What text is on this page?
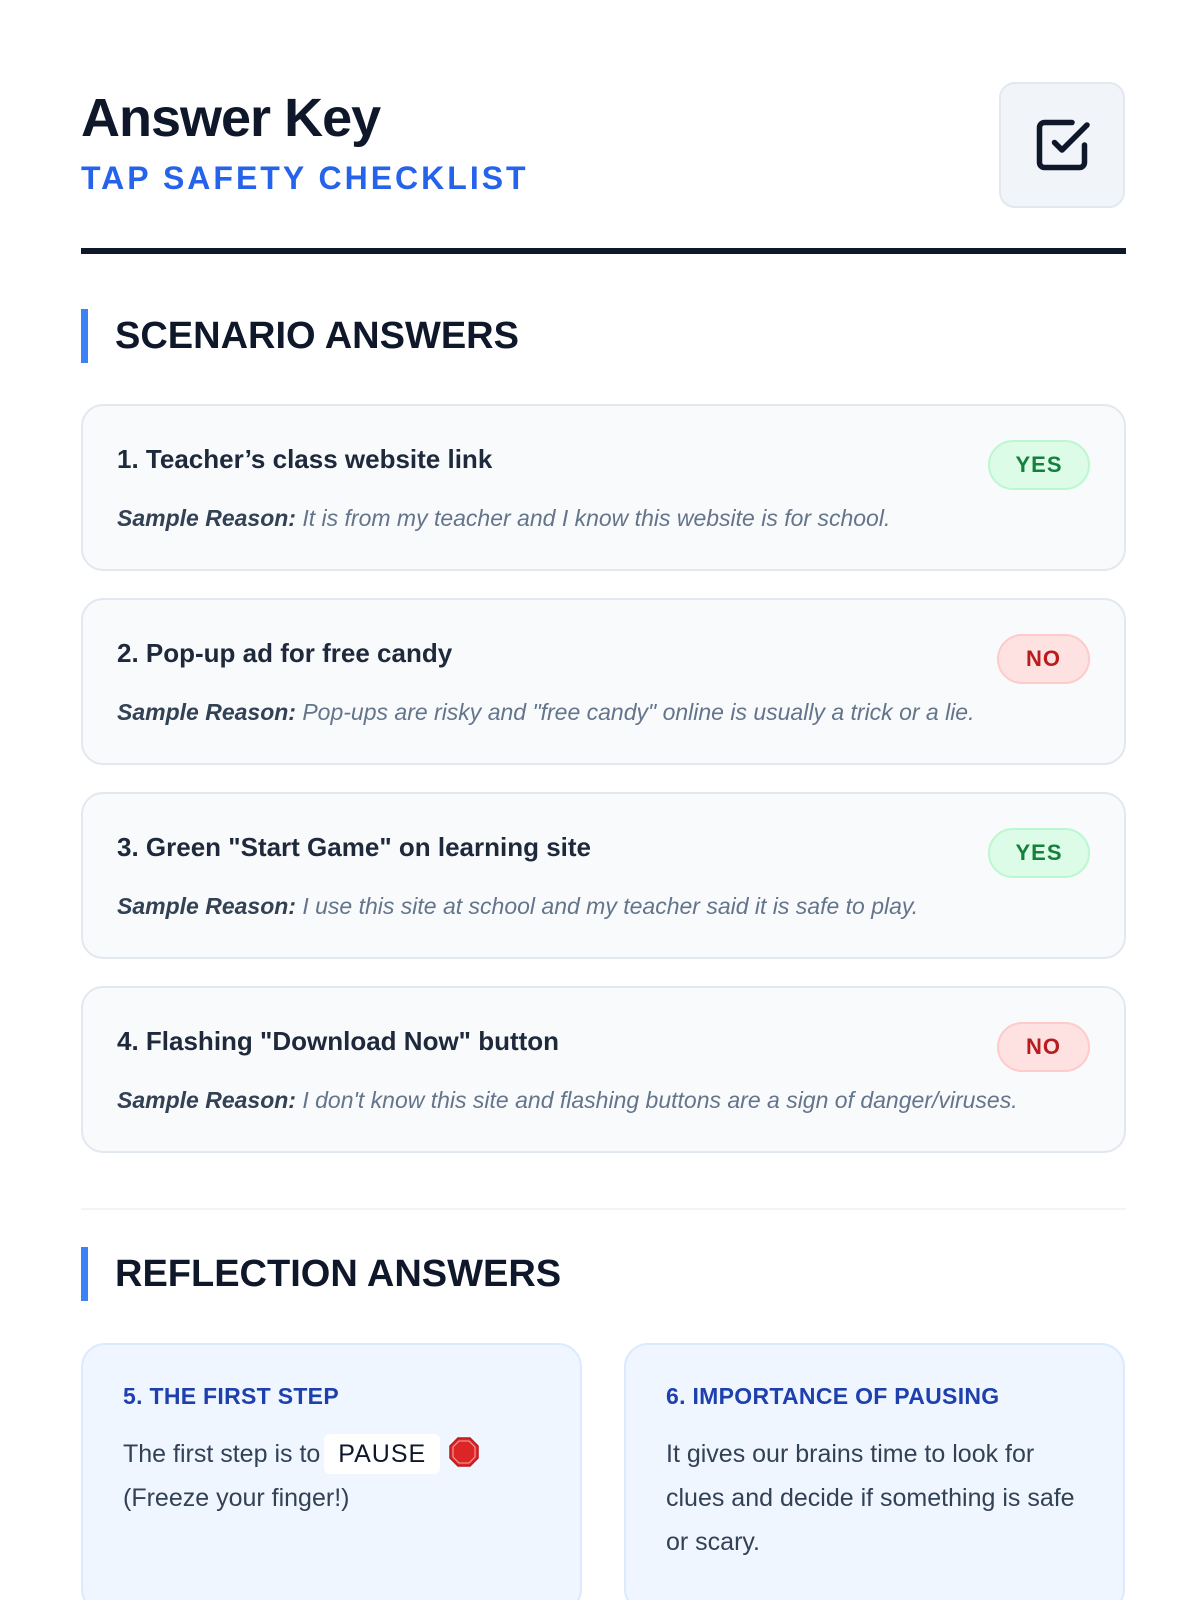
Answer Key
TAP SAFETY CHECKLIST
SCENARIO ANSWERS
1. Teacher’s class website link	YES
Sample Reason: It is from my teacher and I know this website is for school.
2. Pop-up ad for free candy	NO
Sample Reason: Pop-ups are risky and "free candy" online is usually a trick or a lie.
3. Green "Start Game" on learning site	YES
Sample Reason: I use this site at school and my teacher said it is safe to play.
4. Flashing "Download Now" button	NO
Sample Reason: I don't know this site and flashing buttons are a sign of danger/viruses.
REFLECTION ANSWERS
5. THE FIRST STEP
The first step is to PAUSE
(Freeze your finger!)
6. IMPORTANCE OF PAUSING
It gives our brains time to look for clues and decide if something is safe or scary.
